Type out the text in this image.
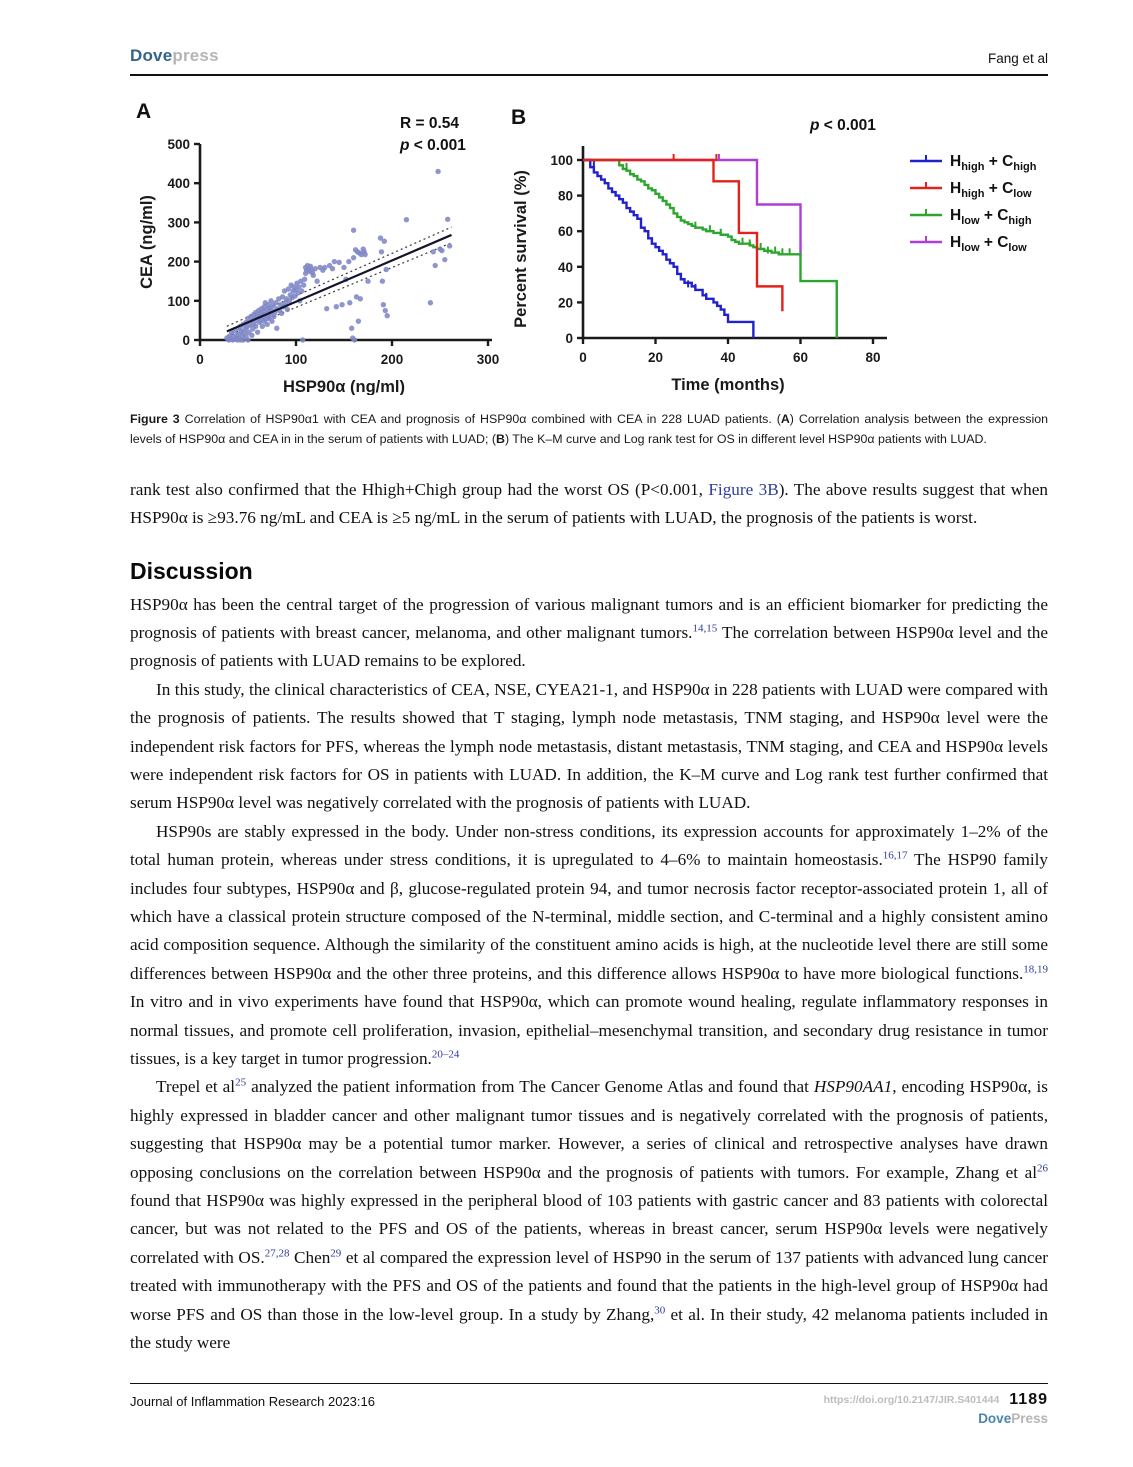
Dovepress	Fang et al
A	B
0
100
200
300
400
500
0	100	200	300
HSP90α (ng/ml)
CEA (ng/ml)
R = 0.54
p < 0.001
0
20
40
60
80
100
0	20	40	60	80
Time (months)
Percent survival (%)
p < 0.001
$H_{high} + C_{high}$
$H_{high} + C_{low}$
$H_{low} + C_{high}$
$H_{low} + C_{low}$

Figure 3 Correlation of HSP90α1 with CEA and prognosis of HSP90α combined with CEA in 228 LUAD patients. (A) Correlation analysis between the expression levels of HSP90α and CEA in in the serum of patients with LUAD; (B) The K–M curve and Log rank test for OS in different level HSP90α patients with LUAD.

rank test also confirmed that the Hhigh+Chigh group had the worst OS (P<0.001, Figure 3B). The above results suggest that when HSP90α is ≥93.76 ng/mL and CEA is ≥5 ng/mL in the serum of patients with LUAD, the prognosis of the patients is worst.

Discussion

HSP90α has been the central target of the progression of various malignant tumors and is an efficient biomarker for predicting the prognosis of patients with breast cancer, melanoma, and other malignant tumors.$^{14,15}$ The correlation between HSP90α level and the prognosis of patients with LUAD remains to be explored.

In this study, the clinical characteristics of CEA, NSE, CYEA21-1, and HSP90α in 228 patients with LUAD were compared with the prognosis of patients. The results showed that T staging, lymph node metastasis, TNM staging, and HSP90α level were the independent risk factors for PFS, whereas the lymph node metastasis, distant metastasis, TNM staging, and CEA and HSP90α levels were independent risk factors for OS in patients with LUAD. In addition, the K–M curve and Log rank test further confirmed that serum HSP90α level was negatively correlated with the prognosis of patients with LUAD.

HSP90s are stably expressed in the body. Under non-stress conditions, its expression accounts for approximately 1–2% of the total human protein, whereas under stress conditions, it is upregulated to 4–6% to maintain homeostasis.$^{16,17}$ The HSP90 family includes four subtypes, HSP90α and β, glucose-regulated protein 94, and tumor necrosis factor receptor-associated protein 1, all of which have a classical protein structure composed of the N-terminal, middle section, and C-terminal and a highly consistent amino acid composition sequence. Although the similarity of the constituent amino acids is high, at the nucleotide level there are still some differences between HSP90α and the other three proteins, and this difference allows HSP90α to have more biological functions.$^{18,19}$ In vitro and in vivo experiments have found that HSP90α, which can promote wound healing, regulate inflammatory responses in normal tissues, and promote cell proliferation, invasion, epithelial–mesenchymal transition, and secondary drug resistance in tumor tissues, is a key target in tumor progression.$^{20-24}$

Trepel et al$^{25}$ analyzed the patient information from The Cancer Genome Atlas and found that HSP90AA1, encoding HSP90α, is highly expressed in bladder cancer and other malignant tumor tissues and is negatively correlated with the prognosis of patients, suggesting that HSP90α may be a potential tumor marker. However, a series of clinical and retrospective analyses have drawn opposing conclusions on the correlation between HSP90α and the prognosis of patients with tumors. For example, Zhang et al$^{26}$ found that HSP90α was highly expressed in the peripheral blood of 103 patients with gastric cancer and 83 patients with colorectal cancer, but was not related to the PFS and OS of the patients, whereas in breast cancer, serum HSP90α levels were negatively correlated with OS.$^{27,28}$ Chen$^{29}$ et al compared the expression level of HSP90 in the serum of 137 patients with advanced lung cancer treated with immunotherapy with the PFS and OS of the patients and found that the patients in the high-level group of HSP90α had worse PFS and OS than those in the low-level group. In a study by Zhang,$^{30}$ et al. In their study, 42 melanoma patients included in the study were

Journal of Inflammation Research 2023:16	https://doi.org/10.2147/JIR.S401444 1189
DovePress
